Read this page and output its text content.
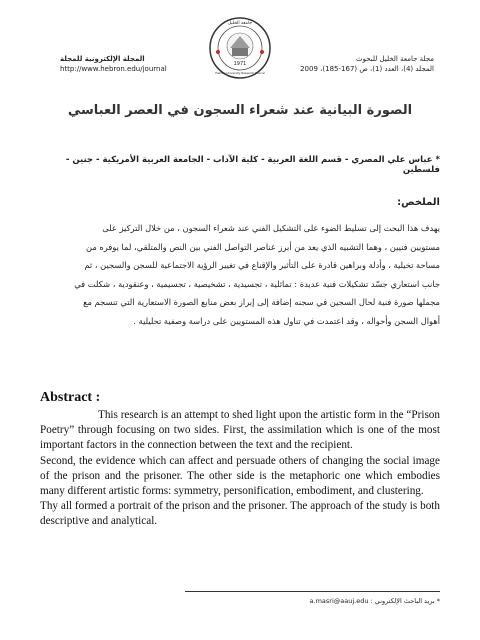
المجلة الإلكترونية للمجلة
http://www.hebron.edu/journal
1971
جامعة الخليل
Hebron University Research Journal
مجلة جامعة الخليل للبحوث
المجلد (4)، العدد (1)، ص (167-185)، 2009
الصورة البيانية عند شعراء السجون في العصر العباسي
* عباس علي المصري - قسم اللغة العربية - كلية الآداب - الجامعة العربية الأمريكية - جنين - فلسطين
الملخص:
يهدف هذا البحث إلى تسليط الضوء على التشكيل الفني عند شعراء السجون ، من خلال التركيز على
مستويين فنيين ، وهما التشبيه الذي يعد من أبرز عناصر التواصل الفني بين النص والمتلقي، لما يوفره من
مساحة تخيلية ، وأدلة وبراهين قادرة على التأثير والإقناع في تغيير الرؤية الاجتماعية للسجن والسجين ، ثم
جانب استعاري جسّد تشكيلات فنية عديدة : تماثلية ، تجسيدية ، تشخيصية ، تجسيمية ، وعنقودية ، شكلت في
مجملها صورة فنية لحال السجين في سجنه إضافة إلى إبراز بعض منابع الصورة الاستعارية التي تنسجم مع
أهوال السجن وأحواله ، وقد اعتمدت في تناول هذه المستويين على دراسة وصفية تحليلية .
Abstract :

This research is an attempt to shed light upon the artistic form in the “Prison Poetry” through focusing on two sides. First, the assimilation which is one of the most important factors in the connection between the text and the recipient.

Second, the evidence which can affect and persuade others of changing the social image of the prison and the prisoner. The other side is the metaphoric one which embodies many different artistic forms: symmetry, personification, embodiment, and clustering.

Thy all formed a portrait of the prison and the prisoner. The approach of the study is both descriptive and analytical.

* بريد الباحث الإلكتروني : a.masri@aauj.edu
